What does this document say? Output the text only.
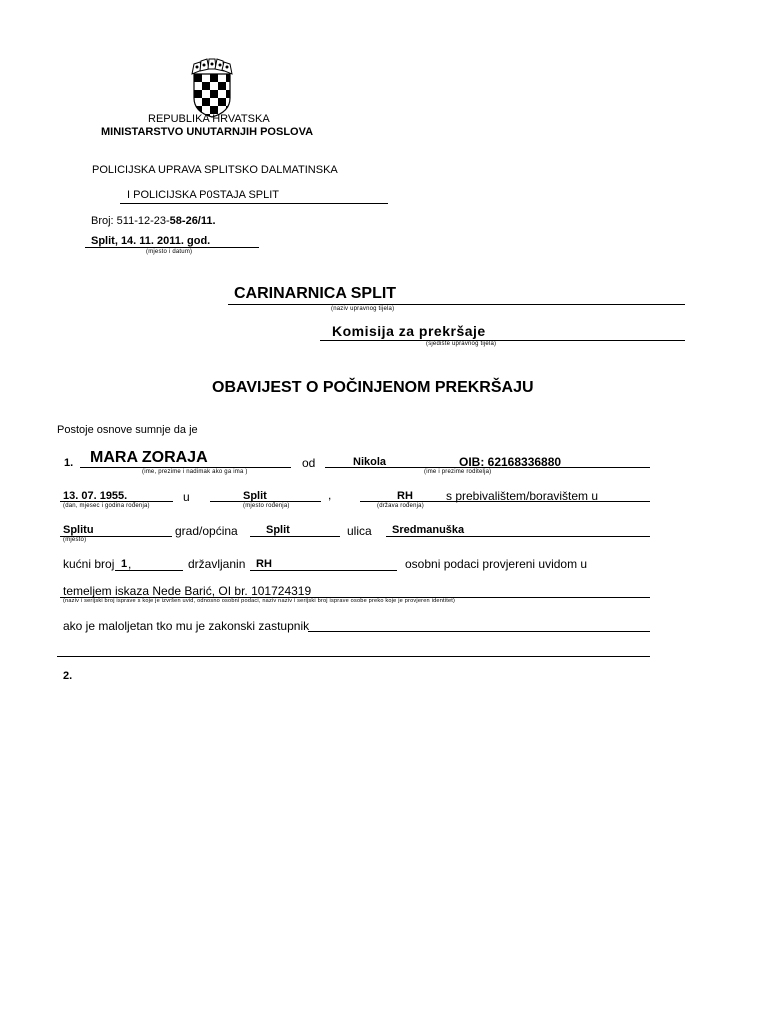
REPUBLIKA HRVATSKA
MINISTARSTVO UNUTARNJIH POSLOVA
POLICIJSKA UPRAVA SPLITSKO DALMATINSKA
I POLICIJSKA P0STAJA SPLIT
Broj: 511-12-23-58-26/11.
Split, 14. 11. 2011. god.
(mjesto i datum)
CARINARNICA SPLIT
(naziv upravnog tijela)
Komisija za prekršaje
(sjedište upravnog tijela)
OBAVIJEST O POČINJENOM PREKRŠAJU
Postoje osnove sumnje da je
1. MARA ZORAJA
(ime, prezime i nadimak ako ga ima )
od	Nikola	OIB: 62168336880
(ime i prezime roditelja)
13. 07. 1955.
(dan, mjesec i godina rođenja)
u	Split
(mjesto rođenja)
,	RH	s prebivalištem/boravištem u
(država rođenja)
Splitu
(mjesto)
grad/općina	Split	ulica Sredmanuška
kućni broj 1 ,	državljanin RH	osobni podaci provjereni uvidom u
temeljem iskaza Nede Barić, OI br. 101724319
(naziv i serijski broj isprave s koje je izvršen uvid, odnosno osobni podaci, naziv naziv i serijski broj isprave osobe preko koje je provjeren identitet)
ako je maloljetan tko mu je zakonski zastupnik
2.
